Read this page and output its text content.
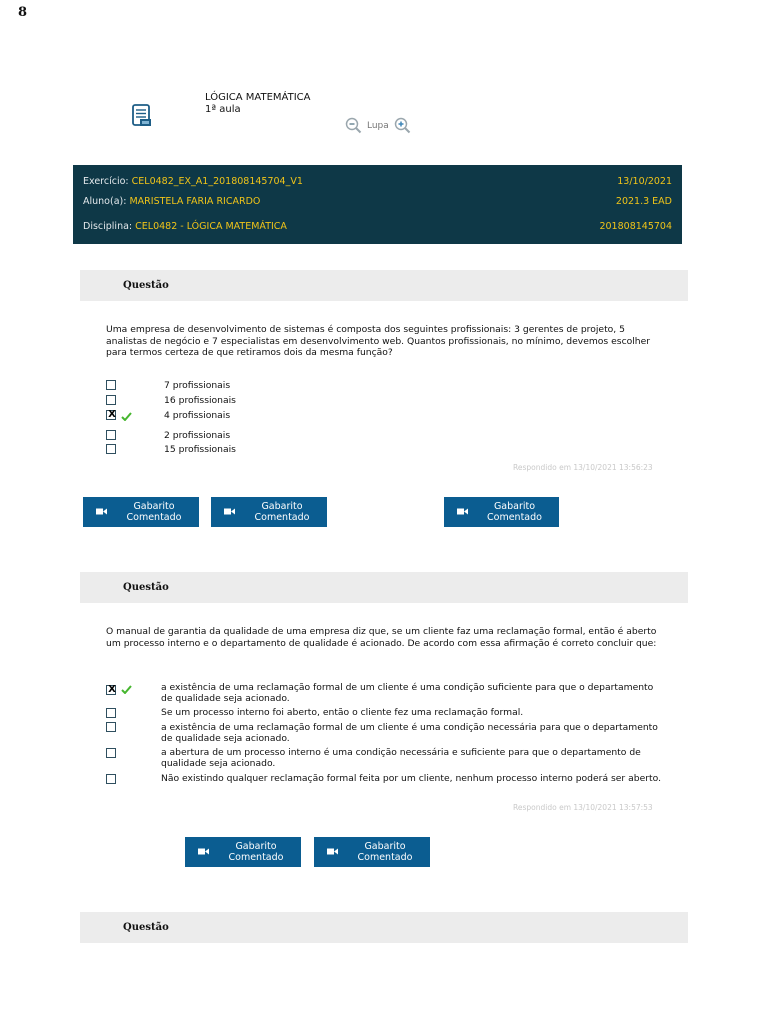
8
LÓGICA MATEMÁTICA
1ª aula
Lupa
Exercício: CEL0482_EX_A1_201808145704_V1	13/10/2021
Aluno(a): MARISTELA FARIA RICARDO	2021.3 EAD
Disciplina: CEL0482 - LÓGICA MATEMÁTICA	201808145704
Questão
Uma empresa de desenvolvimento de sistemas é composta dos seguintes profissionais: 3 gerentes de projeto, 5 analistas de negócio e 7 especialistas em desenvolvimento web. Quantos profissionais, no mínimo, devemos escolher para termos certeza de que retiramos dois da mesma função?
7 profissionais
16 profissionais
X
4 profissionais
2 profissionais
15 profissionais
Respondido em 13/10/2021 13:56:23
Gabarito Comentado
Gabarito Comentado
Gabarito Comentado
Questão
O manual de garantia da qualidade de uma empresa diz que, se um cliente faz uma reclamação formal, então é aberto um processo interno e o departamento de qualidade é acionado. De acordo com essa afirmação é correto concluir que:
X
a existência de uma reclamação formal de um cliente é uma condição suficiente para que o departamento de qualidade seja acionado.
Se um processo interno foi aberto, então o cliente fez uma reclamação formal.
a existência de uma reclamação formal de um cliente é uma condição necessária para que o departamento de qualidade seja acionado.
a abertura de um processo interno é uma condição necessária e suficiente para que o departamento de qualidade seja acionado.
Não existindo qualquer reclamação formal feita por um cliente, nenhum processo interno poderá ser aberto.
Respondido em 13/10/2021 13:57:53
Gabarito Comentado
Gabarito Comentado
Questão
